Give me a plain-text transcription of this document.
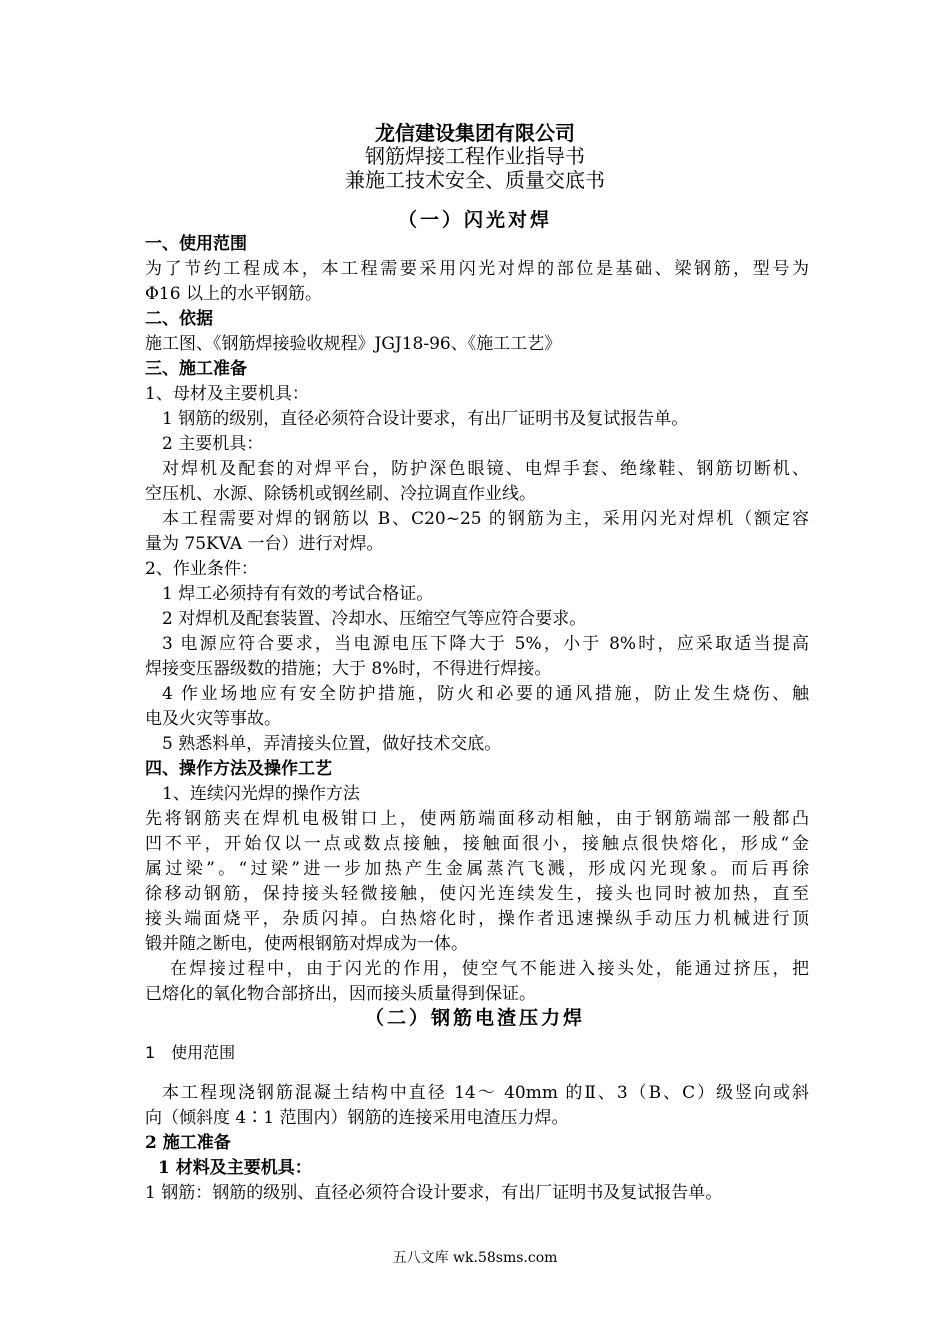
龙信建设集团有限公司
钢筋焊接工程作业指导书
兼施工技术安全、质量交底书
（一）闪光对焊
一、使用范围
为了节约工程成本，本工程需要采用闪光对焊的部位是基础、梁钢筋，型号为
Φ16 以上的水平钢筋。
二、依据
施工图、《钢筋焊接验收规程》JGJ18-96、《施工工艺》
三、施工准备
1、母材及主要机具：
1 钢筋的级别，直径必须符合设计要求，有出厂证明书及复试报告单。
2 主要机具：
对焊机及配套的对焊平台，防护深色眼镜、电焊手套、绝缘鞋、钢筋切断机、
空压机、水源、除锈机或钢丝刷、冷拉调直作业线。
本工程需要对焊的钢筋以 B、C20~25 的钢筋为主，采用闪光对焊机（额定容
量为 75KVA 一台）进行对焊。
2、作业条件：
1 焊工必须持有有效的考试合格证。
2 对焊机及配套装置、冷却水、压缩空气等应符合要求。
3 电源应符合要求，当电源电压下降大于 5%，小于 8%时，应采取适当提高
焊接变压器级数的措施；大于 8%时，不得进行焊接。
4 作业场地应有安全防护措施，防火和必要的通风措施，防止发生烧伤、触
电及火灾等事故。
5 熟悉料单，弄清接头位置，做好技术交底。
四、操作方法及操作工艺
1、连续闪光焊的操作方法
先将钢筋夹在焊机电极钳口上，使两筋端面移动相触，由于钢筋端部一般都凸
凹不平，开始仅以一点或数点接触，接触面很小，接触点很快熔化，形成“金
属过梁”。“过梁”进一步加热产生金属蒸汽飞溅，形成闪光现象。而后再徐
徐移动钢筋，保持接头轻微接触，使闪光连续发生，接头也同时被加热，直至
接头端面烧平，杂质闪掉。白热熔化时，操作者迅速操纵手动压力机械进行顶
锻并随之断电，使两根钢筋对焊成为一体。
在焊接过程中，由于闪光的作用，使空气不能进入接头处，能通过挤压，把
已熔化的氧化物合部挤出，因而接头质量得到保证。
（二）钢筋电渣压力焊
1　使用范围
本工程现浇钢筋混凝土结构中直径 14～ 40mm 的Ⅱ、3（B、C）级竖向或斜
向（倾斜度 4∶1 范围内）钢筋的连接采用电渣压力焊。
2 施工准备
1 材料及主要机具：
1 钢筋：钢筋的级别、直径必须符合设计要求，有出厂证明书及复试报告单。
五八文库 wk.58sms.com
